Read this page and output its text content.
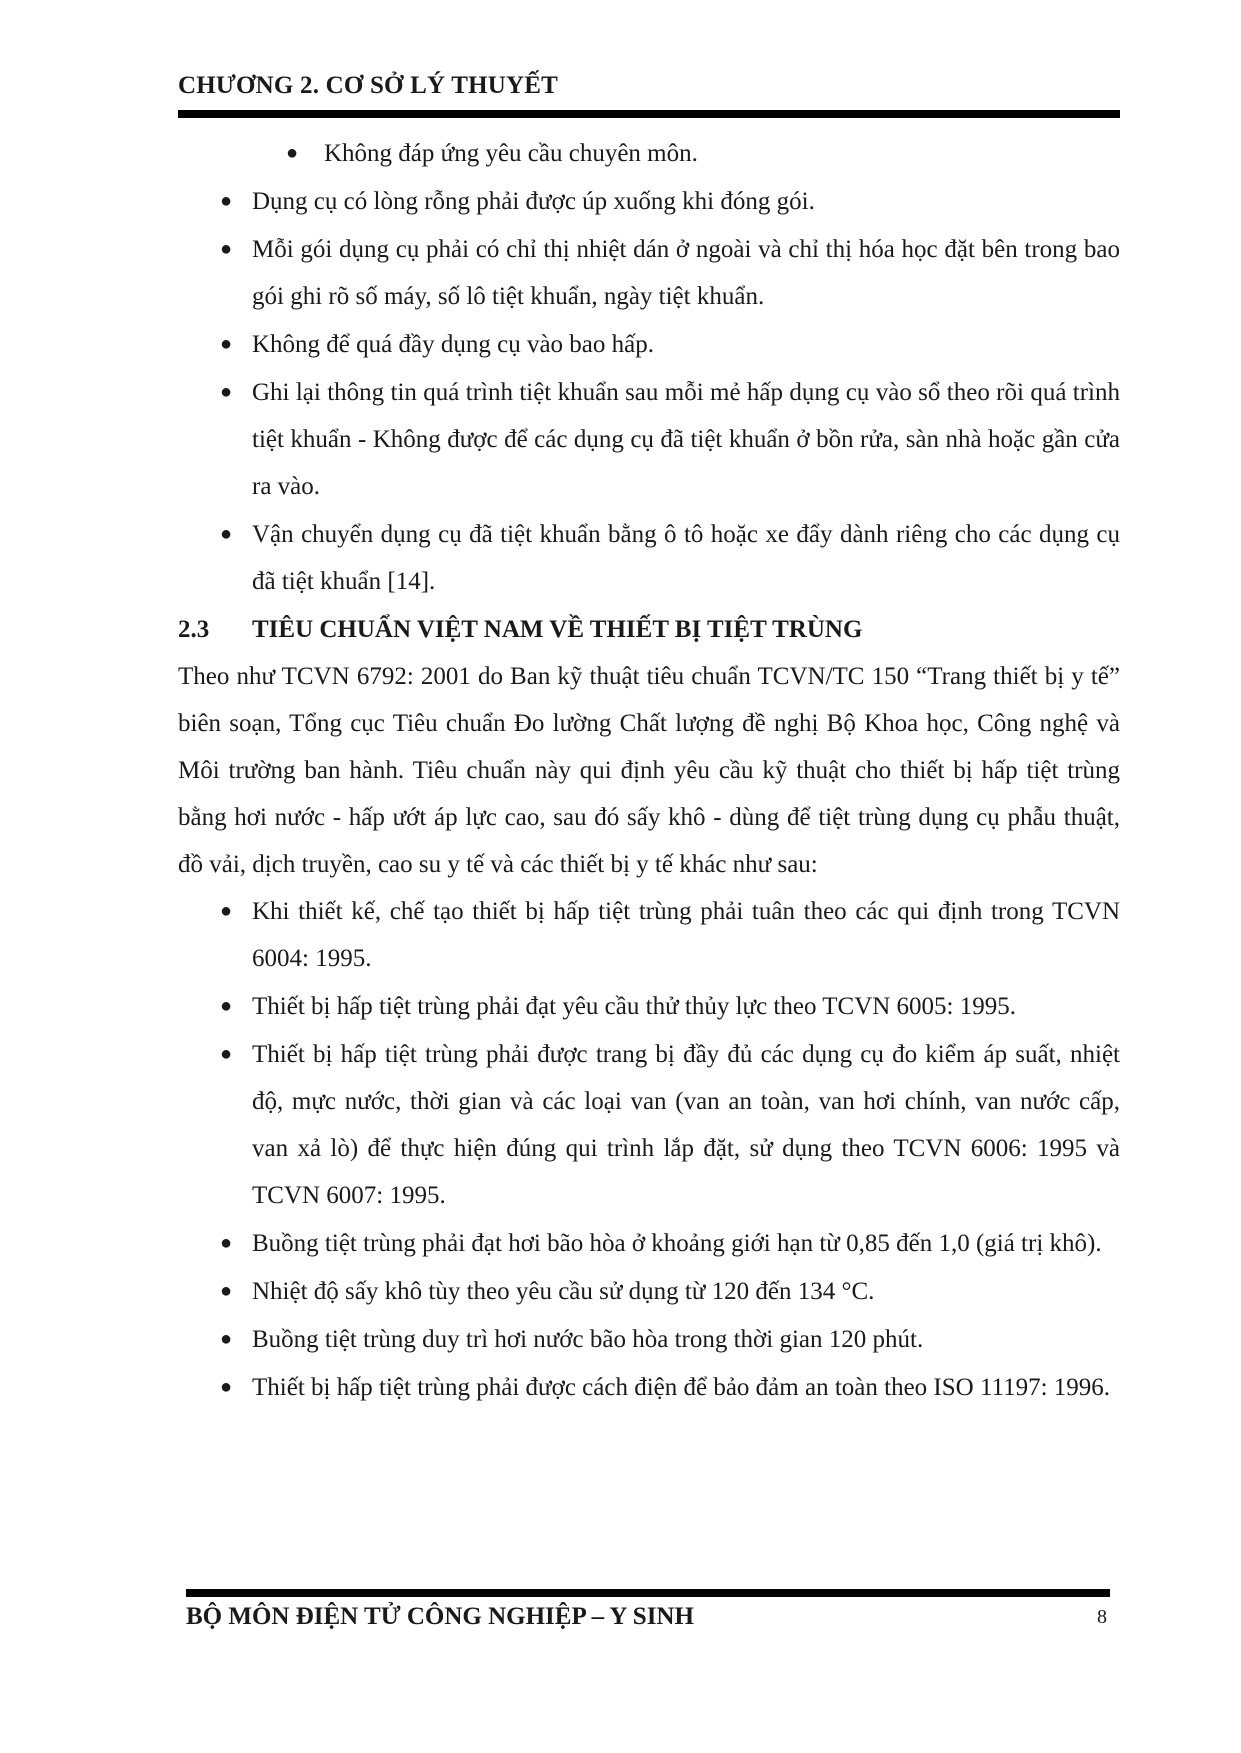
CHƯƠNG 2. CƠ SỞ LÝ THUYẾT
● Không đáp ứng yêu cầu chuyên môn.
● Dụng cụ có lòng rỗng phải được úp xuống khi đóng gói.
● Mỗi gói dụng cụ phải có chỉ thị nhiệt dán ở ngoài và chỉ thị hóa học đặt bên trong bao gói ghi rõ số máy, số lô tiệt khuẩn, ngày tiệt khuẩn.
● Không để quá đầy dụng cụ vào bao hấp.
● Ghi lại thông tin quá trình tiệt khuẩn sau mỗi mẻ hấp dụng cụ vào sổ theo rõi quá trình tiệt khuẩn - Không được để các dụng cụ đã tiệt khuẩn ở bồn rửa, sàn nhà hoặc gần cửa ra vào.
● Vận chuyển dụng cụ đã tiệt khuẩn bằng ô tô hoặc xe đẩy dành riêng cho các dụng cụ đã tiệt khuẩn [14].
2.3 TIÊU CHUẨN VIỆT NAM VỀ THIẾT BỊ TIỆT TRÙNG
Theo như TCVN 6792: 2001 do Ban kỹ thuật tiêu chuẩn TCVN/TC 150 “Trang thiết bị y tế” biên soạn, Tổng cục Tiêu chuẩn Đo lường Chất lượng đề nghị Bộ Khoa học, Công nghệ và Môi trường ban hành. Tiêu chuẩn này qui định yêu cầu kỹ thuật cho thiết bị hấp tiệt trùng bằng hơi nước - hấp ướt áp lực cao, sau đó sấy khô - dùng để tiệt trùng dụng cụ phẫu thuật, đồ vải, dịch truyền, cao su y tế và các thiết bị y tế khác như sau:
● Khi thiết kế, chế tạo thiết bị hấp tiệt trùng phải tuân theo các qui định trong TCVN 6004: 1995.
● Thiết bị hấp tiệt trùng phải đạt yêu cầu thử thủy lực theo TCVN 6005: 1995.
● Thiết bị hấp tiệt trùng phải được trang bị đầy đủ các dụng cụ đo kiểm áp suất, nhiệt độ, mực nước, thời gian và các loại van (van an toàn, van hơi chính, van nước cấp, van xả lò) để thực hiện đúng qui trình lắp đặt, sử dụng theo TCVN 6006: 1995 và TCVN 6007: 1995.
● Buồng tiệt trùng phải đạt hơi bão hòa ở khoảng giới hạn từ 0,85 đến 1,0 (giá trị khô).
● Nhiệt độ sấy khô tùy theo yêu cầu sử dụng từ 120 đến 134 °C.
● Buồng tiệt trùng duy trì hơi nước bão hòa trong thời gian 120 phút.
● Thiết bị hấp tiệt trùng phải được cách điện để bảo đảm an toàn theo ISO 11197: 1996.
BỘ MÔN ĐIỆN TỬ CÔNG NGHIỆP – Y SINH	8
